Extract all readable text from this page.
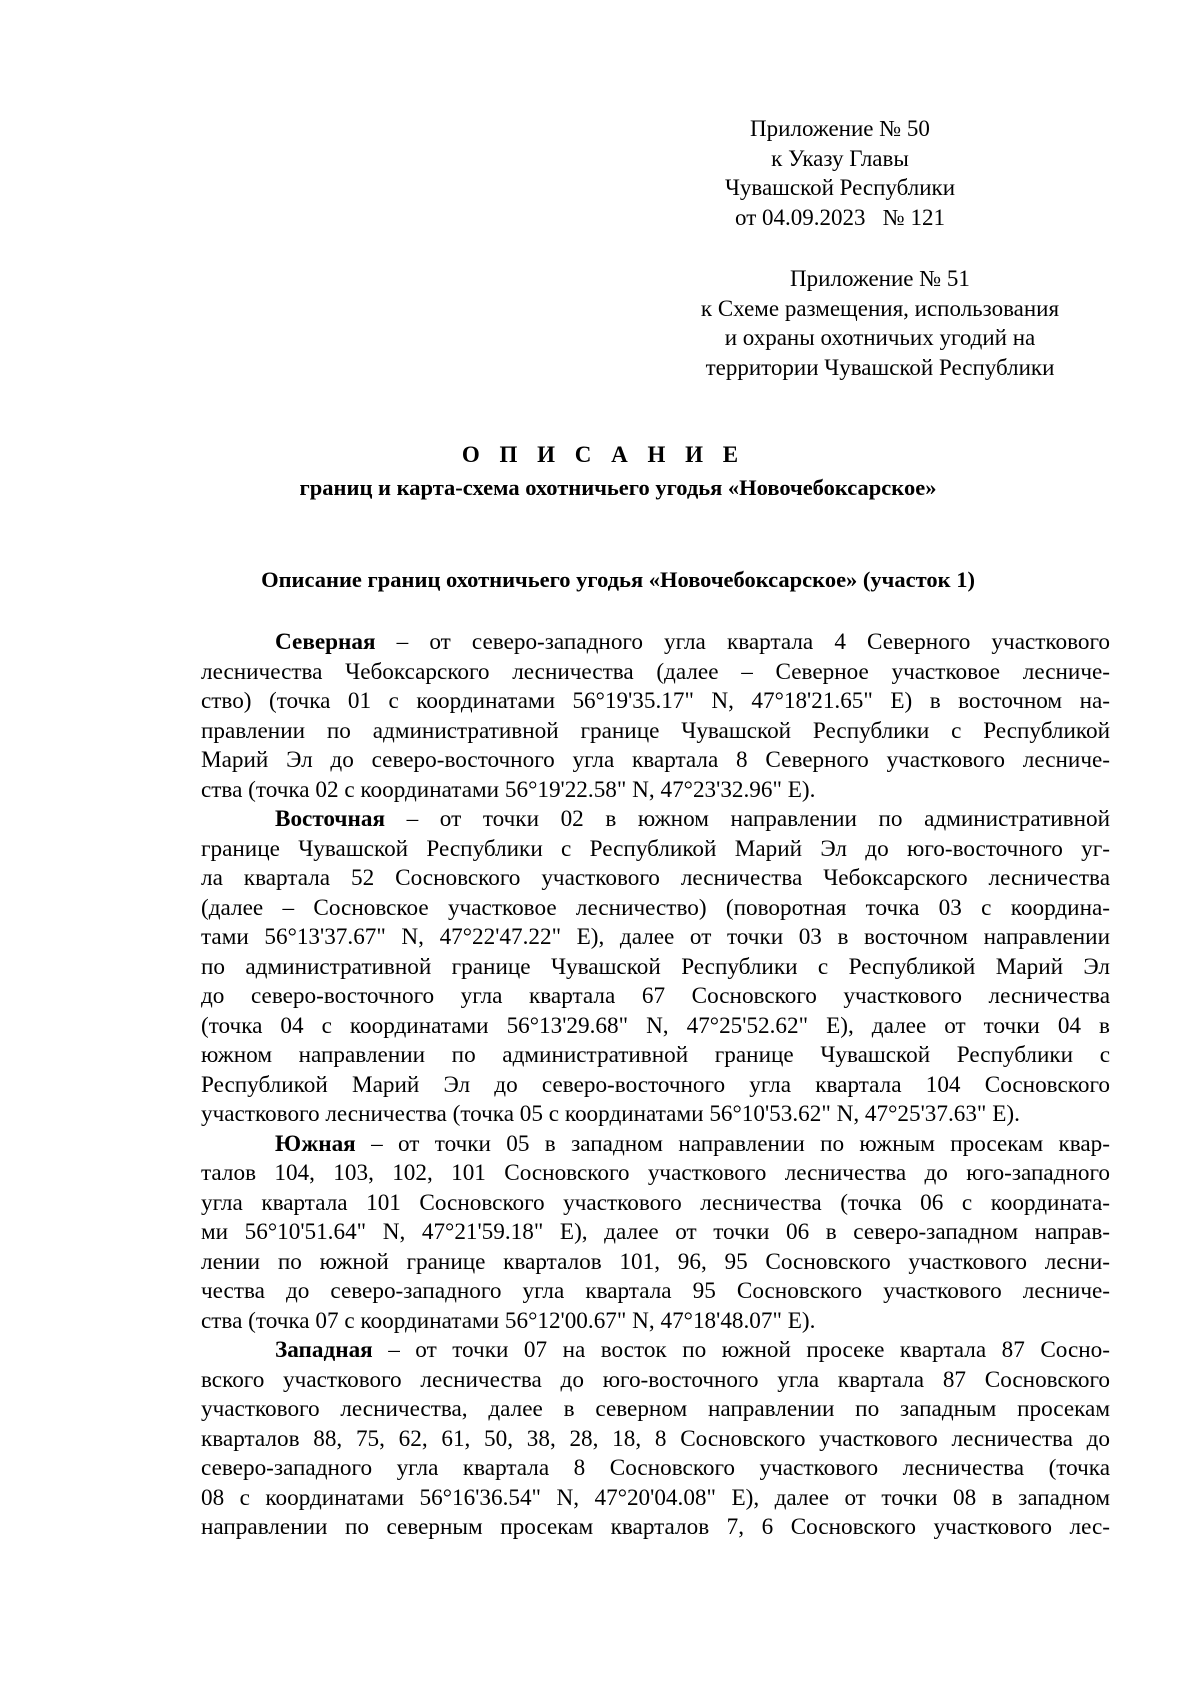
Приложение № 50
к Указу Главы
Чувашской Республики
от 04.09.2023   № 121
Приложение № 51
к Схеме размещения, использования
и охраны охотничьих угодий на
территории Чувашской Республики
О П И С А Н И Е
границ и карта-схема охотничьего угодья «Новочебоксарское»
Описание границ охотничьего угодья «Новочебоксарское» (участок 1)
Северная – от северо-западного угла квартала 4 Северного участкового
лесничества Чебоксарского лесничества (далее – Северное участковое лесниче-
ство) (точка 01 с координатами 56°19'35.17" N, 47°18'21.65" E) в восточном на-
правлении по административной границе Чувашской Республики с Республикой
Марий Эл до северо-восточного угла квартала 8 Северного участкового лесниче-
ства (точка 02 с координатами 56°19'22.58" N, 47°23'32.96" E).
Восточная – от точки 02 в южном направлении по административной
границе Чувашской Республики с Республикой Марий Эл до юго-восточного уг-
ла квартала 52 Сосновского участкового лесничества Чебоксарского лесничества
(далее – Сосновское участковое лесничество) (поворотная точка 03 с координа-
тами 56°13'37.67" N, 47°22'47.22" E), далее от точки 03 в восточном направлении
по административной границе Чувашской Республики с Республикой Марий Эл
до северо-восточного угла квартала 67 Сосновского участкового лесничества
(точка 04 с координатами 56°13'29.68" N, 47°25'52.62" E), далее от точки 04 в
южном направлении по административной границе Чувашской Республики с
Республикой Марий Эл до северо-восточного угла квартала 104 Сосновского
участкового лесничества (точка 05 с координатами 56°10'53.62" N, 47°25'37.63" E).
Южная – от точки 05 в западном направлении по южным просекам квар-
талов 104, 103, 102, 101 Сосновского участкового лесничества до юго-западного
угла квартала 101 Сосновского участкового лесничества (точка 06 с координата-
ми 56°10'51.64" N, 47°21'59.18" E), далее от точки 06 в северо-западном направ-
лении по южной границе кварталов 101, 96, 95 Сосновского участкового лесни-
чества до северо-западного угла квартала 95 Сосновского участкового лесниче-
ства (точка 07 с координатами 56°12'00.67" N, 47°18'48.07" E).
Западная – от точки 07 на восток по южной просеке квартала 87 Сосно-
вского участкового лесничества до юго-восточного угла квартала 87 Сосновского
участкового лесничества, далее в северном направлении по западным просекам
кварталов 88, 75, 62, 61, 50, 38, 28, 18, 8 Сосновского участкового лесничества до
северо-западного угла квартала 8 Сосновского участкового лесничества (точка
08 с координатами 56°16'36.54" N, 47°20'04.08" E), далее от точки 08 в западном
направлении по северным просекам кварталов 7, 6 Сосновского участкового лес-
